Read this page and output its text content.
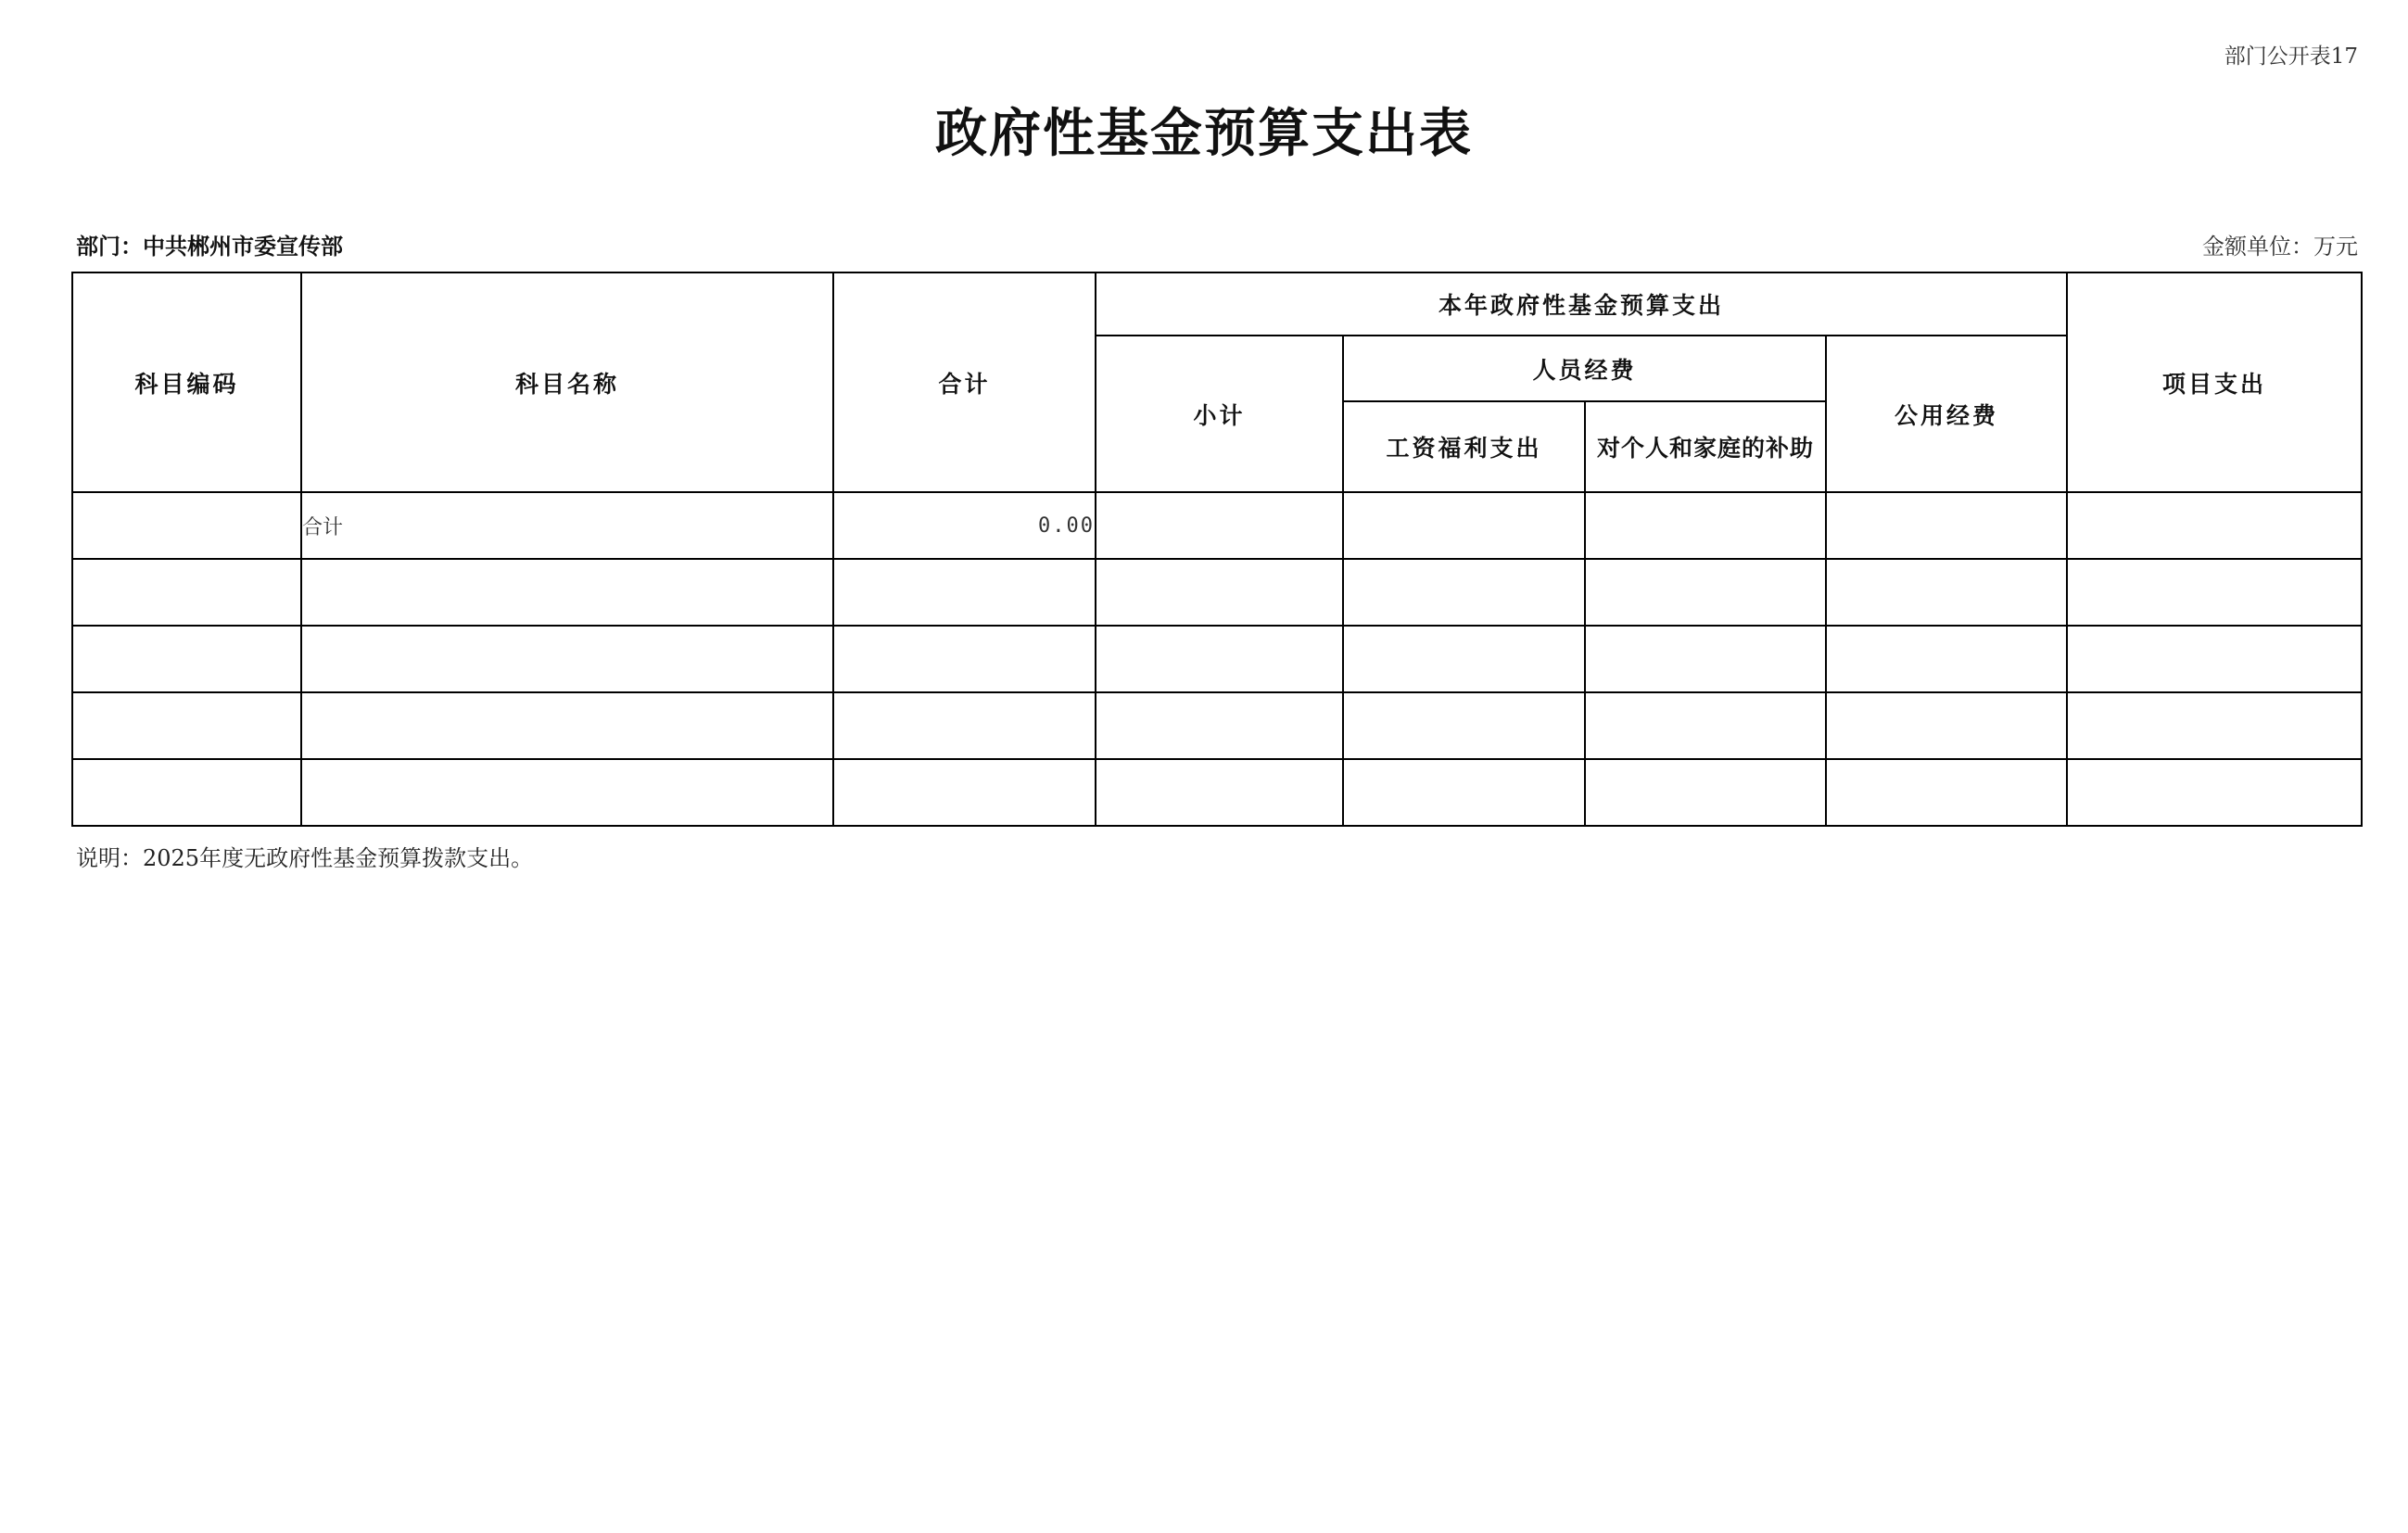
部门公开表17
政府性基金预算支出表
部门：中共郴州市委宣传部	金额单位：万元
科目编码	科目名称	合计	本年政府性基金预算支出				项目支出
			小计	人员经费		公用经费	
				工资福利支出	对个人和家庭的补助		
	合计	0.00					

说明：2025年度无政府性基金预算拨款支出。
